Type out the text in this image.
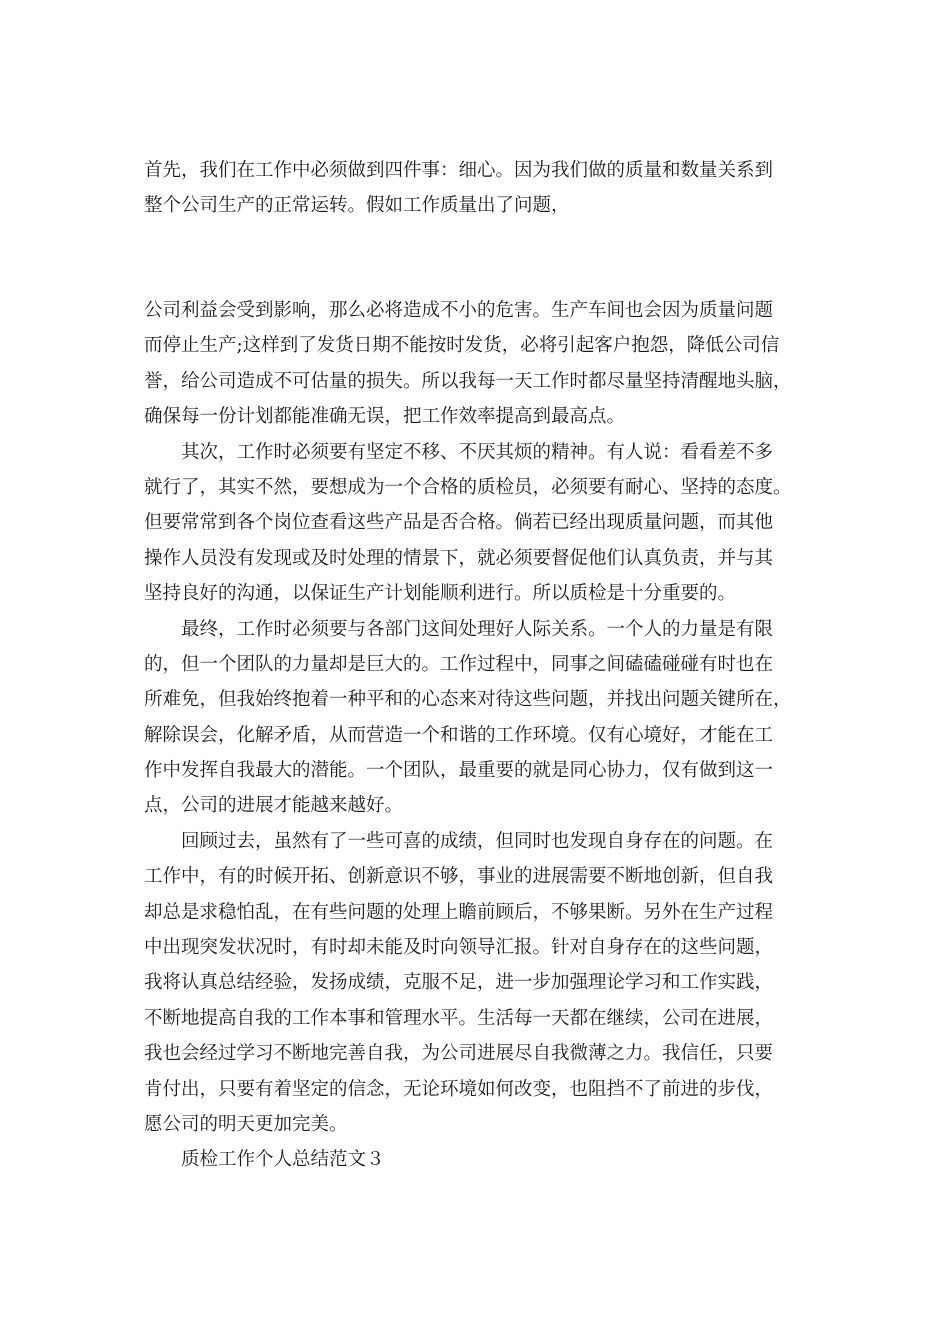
首先，我们在工作中必须做到四件事：细心。因为我们做的质量和数量关系到
整个公司生产的正常运转。假如工作质量出了问题，
公司利益会受到影响，那么必将造成不小的危害。生产车间也会因为质量问题
而停止生产;这样到了发货日期不能按时发货，必将引起客户抱怨，降低公司信
誉，给公司造成不可估量的损失。所以我每一天工作时都尽量坚持清醒地头脑，
确保每一份计划都能准确无误，把工作效率提高到最高点。
其次，工作时必须要有坚定不移、不厌其烦的精神。有人说：看看差不多
就行了，其实不然，要想成为一个合格的质检员，必须要有耐心、坚持的态度。
但要常常到各个岗位查看这些产品是否合格。倘若已经出现质量问题，而其他
操作人员没有发现或及时处理的情景下，就必须要督促他们认真负责，并与其
坚持良好的沟通，以保证生产计划能顺利进行。所以质检是十分重要的。
最终，工作时必须要与各部门这间处理好人际关系。一个人的力量是有限
的，但一个团队的力量却是巨大的。工作过程中，同事之间磕磕碰碰有时也在
所难免，但我始终抱着一种平和的心态来对待这些问题，并找出问题关键所在，
解除误会，化解矛盾，从而营造一个和谐的工作环境。仅有心境好，才能在工
作中发挥自我最大的潜能。一个团队，最重要的就是同心协力，仅有做到这一
点，公司的进展才能越来越好。
回顾过去，虽然有了一些可喜的成绩，但同时也发现自身存在的问题。在
工作中，有的时候开拓、创新意识不够，事业的进展需要不断地创新，但自我
却总是求稳怕乱，在有些问题的处理上瞻前顾后，不够果断。另外在生产过程
中出现突发状况时，有时却未能及时向领导汇报。针对自身存在的这些问题，
我将认真总结经验，发扬成绩，克服不足，进一步加强理论学习和工作实践，
不断地提高自我的工作本事和管理水平。生活每一天都在继续，公司在进展，
我也会经过学习不断地完善自我，为公司进展尽自我微薄之力。我信任，只要
肯付出，只要有着坚定的信念，无论环境如何改变，也阻挡不了前进的步伐，
愿公司的明天更加完美。
质检工作个人总结范文３
